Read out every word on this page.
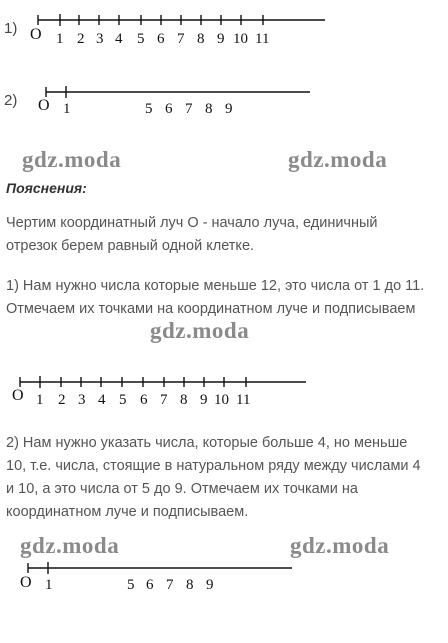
1) O 1 2 3 4 5 6 7 8 9 10 11
2) O 1	5 6 7 8 9
gdz.moda	gdz.moda
gdz.moda
gdz.moda	gdz.moda
Пояснения:
Чертим координатный луч О - начало луча, единичный отрезок берем равный одной клетке.
1) Нам нужно числа которые меньше 12, это числа от 1 до 11. Отмечаем их точками на координатном луче и подписываем
O 1 2 3 4 5 6 7 8 9 10 11
2) Нам нужно указать числа, которые больше 4, но меньше 10, т.е. числа, стоящие в натуральном ряду между числами 4 и 10, а это числа от 5 до 9. Отмечаем их точками на координатном луче и подписываем.
O 1	5 6 7 8 9
